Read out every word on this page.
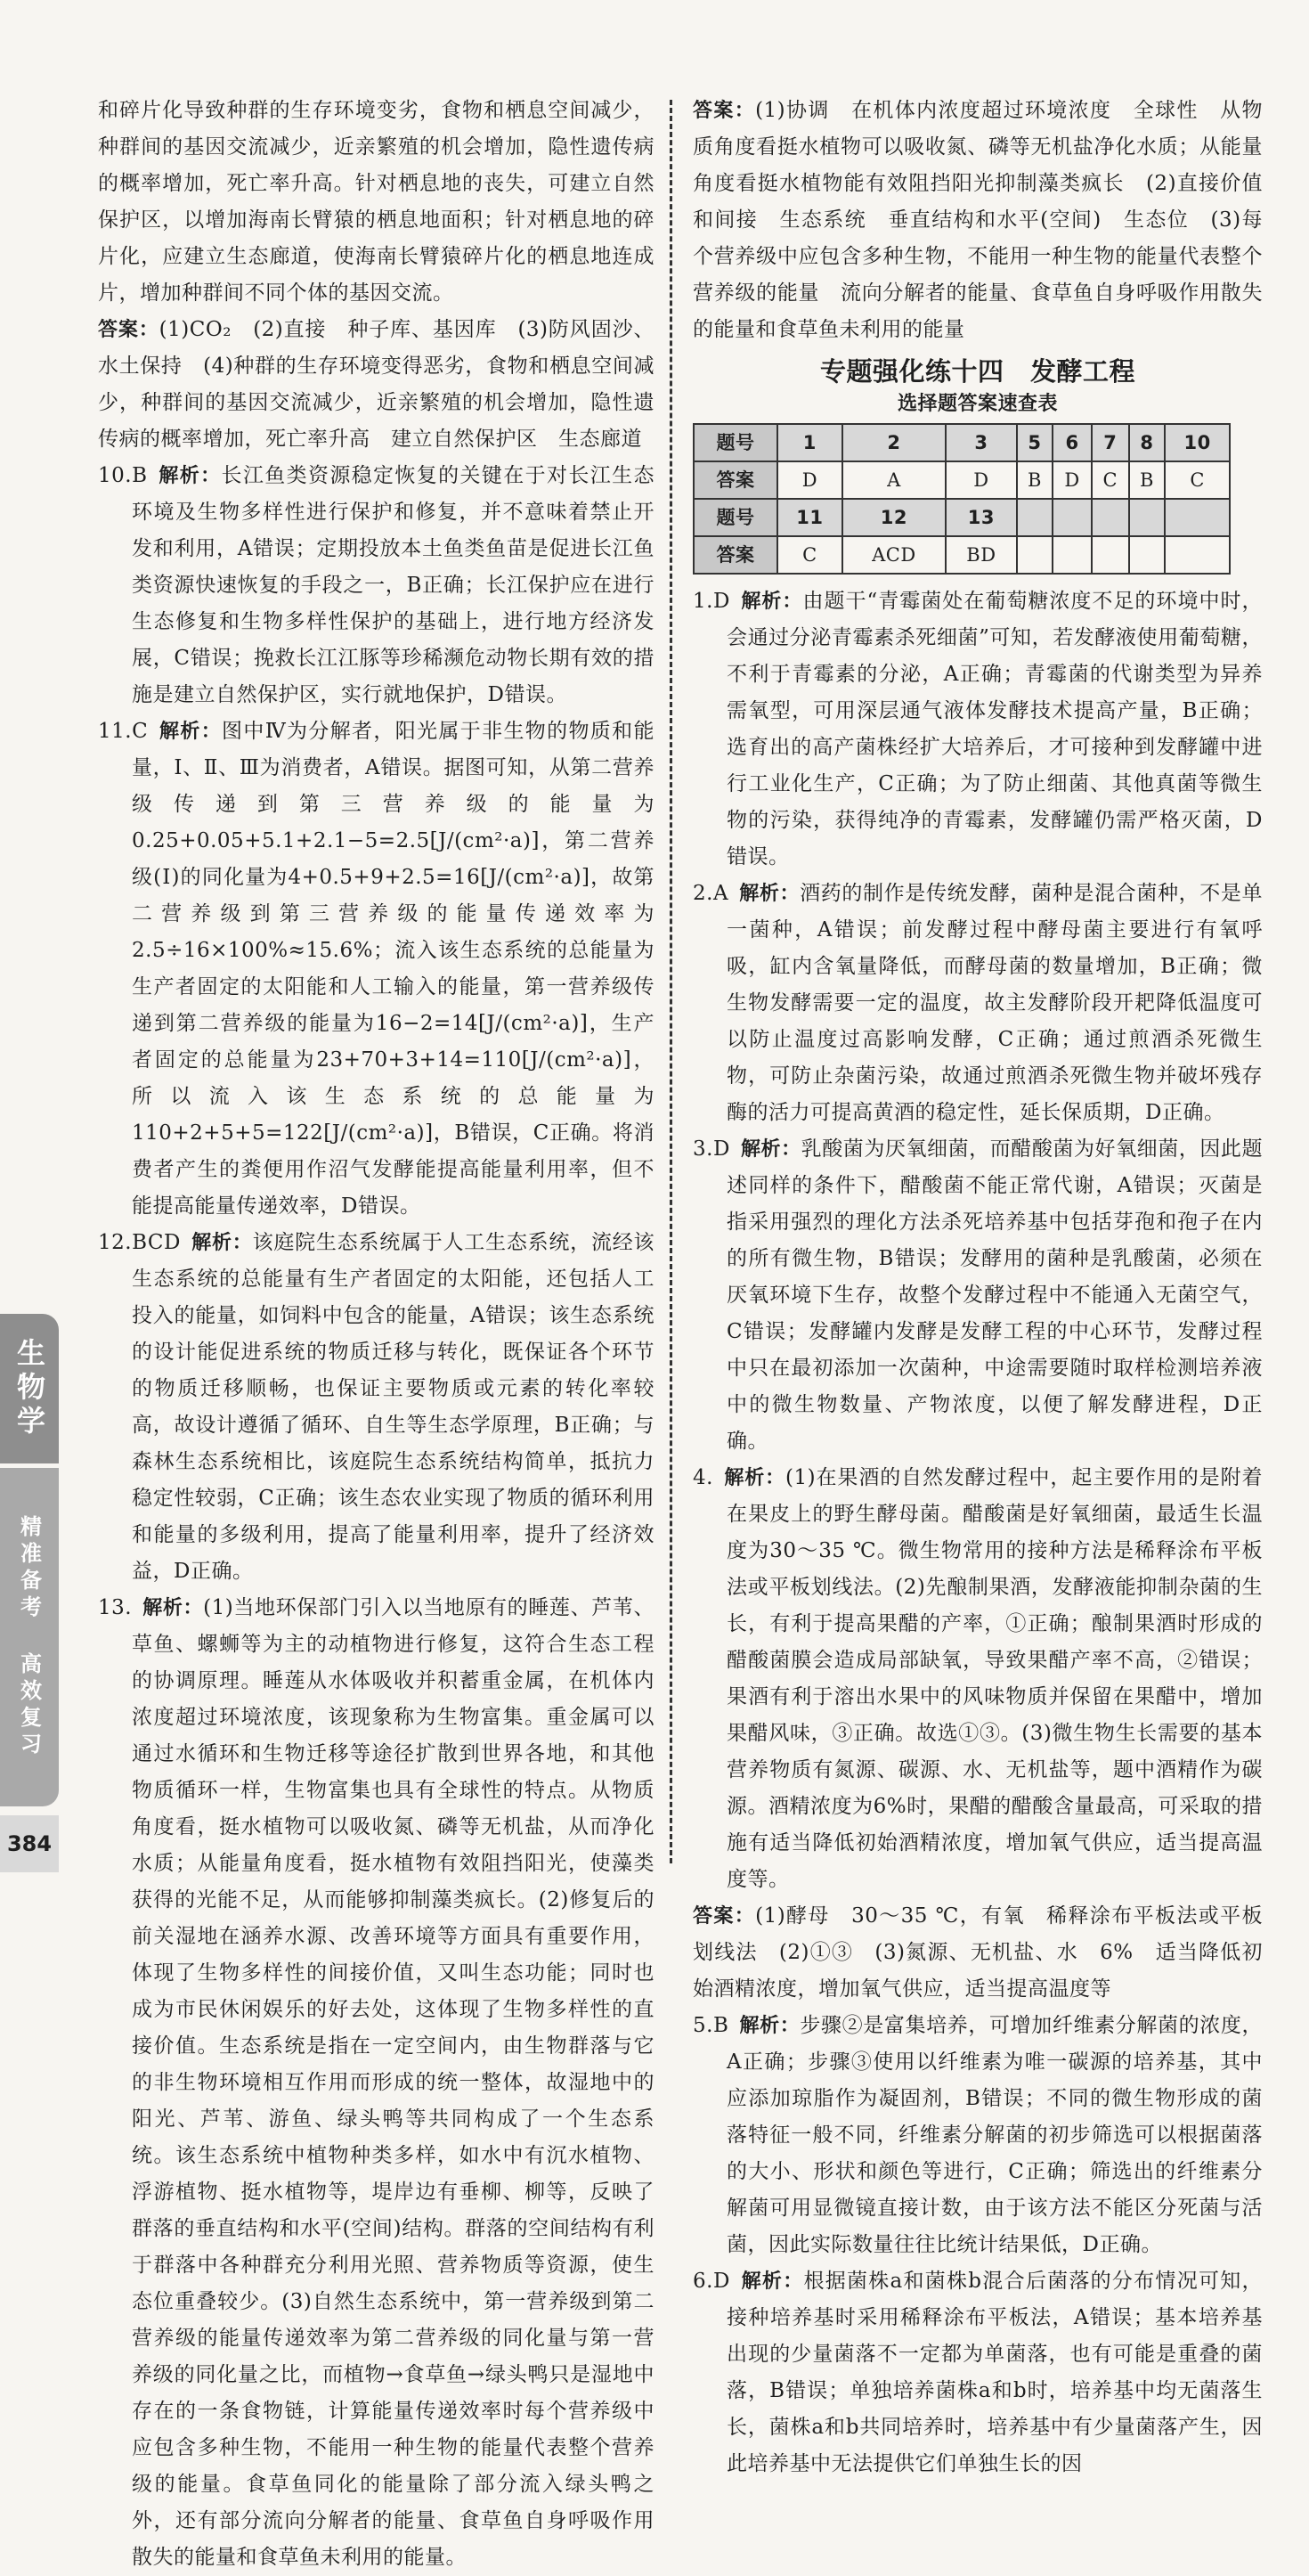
和碎片化导致种群的生存环境变劣，食物和栖息空间减少，种群间的基因交流减少，近亲繁殖的机会增加，隐性遗传病的概率增加，死亡率升高。针对栖息地的丧失，可建立自然保护区，以增加海南长臂猿的栖息地面积；针对栖息地的碎片化，应建立生态廊道，使海南长臂猿碎片化的栖息地连成片，增加种群间不同个体的基因交流。

答案：(1)CO₂　(2)直接　种子库、基因库　(3)防风固沙、水土保持　(4)种群的生存环境变得恶劣，食物和栖息空间减少，种群间的基因交流减少，近亲繁殖的机会增加，隐性遗传病的概率增加，死亡率升高　建立自然保护区　生态廊道

10.B  解析：长江鱼类资源稳定恢复的关键在于对长江生态环境及生物多样性进行保护和修复，并不意味着禁止开发和利用，A错误；定期投放本土鱼类鱼苗是促进长江鱼类资源快速恢复的手段之一，B正确；长江保护应在进行生态修复和生物多样性保护的基础上，进行地方经济发展，C错误；挽救长江江豚等珍稀濒危动物长期有效的措施是建立自然保护区，实行就地保护，D错误。

11.C  解析：图中Ⅳ为分解者，阳光属于非生物的物质和能量，Ⅰ、Ⅱ、Ⅲ为消费者，A错误。据图可知，从第二营养级传递到第三营养级的能量为0.25+0.05+5.1+2.1−5=2.5[J/(cm²·a)]，第二营养级(Ⅰ)的同化量为4+0.5+9+2.5=16[J/(cm²·a)]，故第二营养级到第三营养级的能量传递效率为2.5÷16×100%≈15.6%；流入该生态系统的总能量为生产者固定的太阳能和人工输入的能量，第一营养级传递到第二营养级的能量为16−2=14[J/(cm²·a)]，生产者固定的总能量为23+70+3+14=110[J/(cm²·a)]，所以流入该生态系统的总能量为110+2+5+5=122[J/(cm²·a)]，B错误，C正确。将消费者产生的粪便用作沼气发酵能提高能量利用率，但不能提高能量传递效率，D错误。

12.BCD  解析：该庭院生态系统属于人工生态系统，流经该生态系统的总能量有生产者固定的太阳能，还包括人工投入的能量，如饲料中包含的能量，A错误；该生态系统的设计能促进系统的物质迁移与转化，既保证各个环节的物质迁移顺畅，也保证主要物质或元素的转化率较高，故设计遵循了循环、自生等生态学原理，B正确；与森林生态系统相比，该庭院生态系统结构简单，抵抗力稳定性较弱，C正确；该生态农业实现了物质的循环利用和能量的多级利用，提高了能量利用率，提升了经济效益，D正确。

13.  解析：(1)当地环保部门引入以当地原有的睡莲、芦苇、草鱼、螺蛳等为主的动植物进行修复，这符合生态工程的协调原理。睡莲从水体吸收并积蓄重金属，在机体内浓度超过环境浓度，该现象称为生物富集。重金属可以通过水循环和生物迁移等途径扩散到世界各地，和其他物质循环一样，生物富集也具有全球性的特点。从物质角度看，挺水植物可以吸收氮、磷等无机盐，从而净化水质；从能量角度看，挺水植物有效阻挡阳光，使藻类获得的光能不足，从而能够抑制藻类疯长。(2)修复后的前关湿地在涵养水源、改善环境等方面具有重要作用，体现了生物多样性的间接价值，又叫生态功能；同时也成为市民休闲娱乐的好去处，这体现了生物多样性的直接价值。生态系统是指在一定空间内，由生物群落与它的非生物环境相互作用而形成的统一整体，故湿地中的阳光、芦苇、游鱼、绿头鸭等共同构成了一个生态系统。该生态系统中植物种类多样，如水中有沉水植物、浮游植物、挺水植物等，堤岸边有垂柳、柳等，反映了群落的垂直结构和水平(空间)结构。群落的空间结构有利于群落中各种群充分利用光照、营养物质等资源，使生态位重叠较少。(3)自然生态系统中，第一营养级到第二营养级的能量传递效率为第二营养级的同化量与第一营养级的同化量之比，而植物→食草鱼→绿头鸭只是湿地中存在的一条食物链，计算能量传递效率时每个营养级中应包含多种生物，不能用一种生物的能量代表整个营养级的能量。食草鱼同化的能量除了部分流入绿头鸭之外，还有部分流向分解者的能量、食草鱼自身呼吸作用散失的能量和食草鱼未利用的能量。

答案：(1)协调　在机体内浓度超过环境浓度　全球性　从物质角度看挺水植物可以吸收氮、磷等无机盐净化水质；从能量角度看挺水植物能有效阻挡阳光抑制藻类疯长　(2)直接价值和间接　生态系统　垂直结构和水平(空间)　生态位　(3)每个营养级中应包含多种生物，不能用一种生物的能量代表整个营养级的能量　流向分解者的能量、食草鱼自身呼吸作用散失的能量和食草鱼未利用的能量

专题强化练十四　发酵工程
选择题答案速查表
题号	1	2	3	5	6	7	8	10
答案	D	A	D	B	D	C	B	C
题号	11	12	13					
答案	C	ACD	BD					

1.D  解析：由题干“青霉菌处在葡萄糖浓度不足的环境中时，会通过分泌青霉素杀死细菌”可知，若发酵液使用葡萄糖，不利于青霉素的分泌，A正确；青霉菌的代谢类型为异养需氧型，可用深层通气液体发酵技术提高产量，B正确；选育出的高产菌株经扩大培养后，才可接种到发酵罐中进行工业化生产，C正确；为了防止细菌、其他真菌等微生物的污染，获得纯净的青霉素，发酵罐仍需严格灭菌，D错误。

2.A  解析：酒药的制作是传统发酵，菌种是混合菌种，不是单一菌种，A错误；前发酵过程中酵母菌主要进行有氧呼吸，缸内含氧量降低，而酵母菌的数量增加，B正确；微生物发酵需要一定的温度，故主发酵阶段开耙降低温度可以防止温度过高影响发酵，C正确；通过煎酒杀死微生物，可防止杂菌污染，故通过煎酒杀死微生物并破坏残存酶的活力可提高黄酒的稳定性，延长保质期，D正确。

3.D  解析：乳酸菌为厌氧细菌，而醋酸菌为好氧细菌，因此题述同样的条件下，醋酸菌不能正常代谢，A错误；灭菌是指采用强烈的理化方法杀死培养基中包括芽孢和孢子在内的所有微生物，B错误；发酵用的菌种是乳酸菌，必须在厌氧环境下生存，故整个发酵过程中不能通入无菌空气，C错误；发酵罐内发酵是发酵工程的中心环节，发酵过程中只在最初添加一次菌种，中途需要随时取样检测培养液中的微生物数量、产物浓度，以便了解发酵进程，D正确。

4.  解析：(1)在果酒的自然发酵过程中，起主要作用的是附着在果皮上的野生酵母菌。醋酸菌是好氧细菌，最适生长温度为30～35 ℃。微生物常用的接种方法是稀释涂布平板法或平板划线法。(2)先酿制果酒，发酵液能抑制杂菌的生长，有利于提高果醋的产率，①正确；酿制果酒时形成的醋酸菌膜会造成局部缺氧，导致果醋产率不高，②错误；果酒有利于溶出水果中的风味物质并保留在果醋中，增加果醋风味，③正确。故选①③。(3)微生物生长需要的基本营养物质有氮源、碳源、水、无机盐等，题中酒精作为碳源。酒精浓度为6%时，果醋的醋酸含量最高，可采取的措施有适当降低初始酒精浓度，增加氧气供应，适当提高温度等。

答案：(1)酵母　30～35 ℃，有氧　稀释涂布平板法或平板划线法　(2)①③　(3)氮源、无机盐、水　6%　适当降低初始酒精浓度，增加氧气供应，适当提高温度等

5.B  解析：步骤②是富集培养，可增加纤维素分解菌的浓度，A正确；步骤③使用以纤维素为唯一碳源的培养基，其中应添加琼脂作为凝固剂，B错误；不同的微生物形成的菌落特征一般不同，纤维素分解菌的初步筛选可以根据菌落的大小、形状和颜色等进行，C正确；筛选出的纤维素分解菌可用显微镜直接计数，由于该方法不能区分死菌与活菌，因此实际数量往往比统计结果低，D正确。

6.D  解析：根据菌株a和菌株b混合后菌落的分布情况可知，接种培养基时采用稀释涂布平板法，A错误；基本培养基出现的少量菌落不一定都为单菌落，也有可能是重叠的菌落，B错误；单独培养菌株a和b时，培养基中均无菌落生长，菌株a和b共同培养时，培养基中有少量菌落产生，因此培养基中无法提供它们单独生长的因

生物学
精准备考 高效复习
384
